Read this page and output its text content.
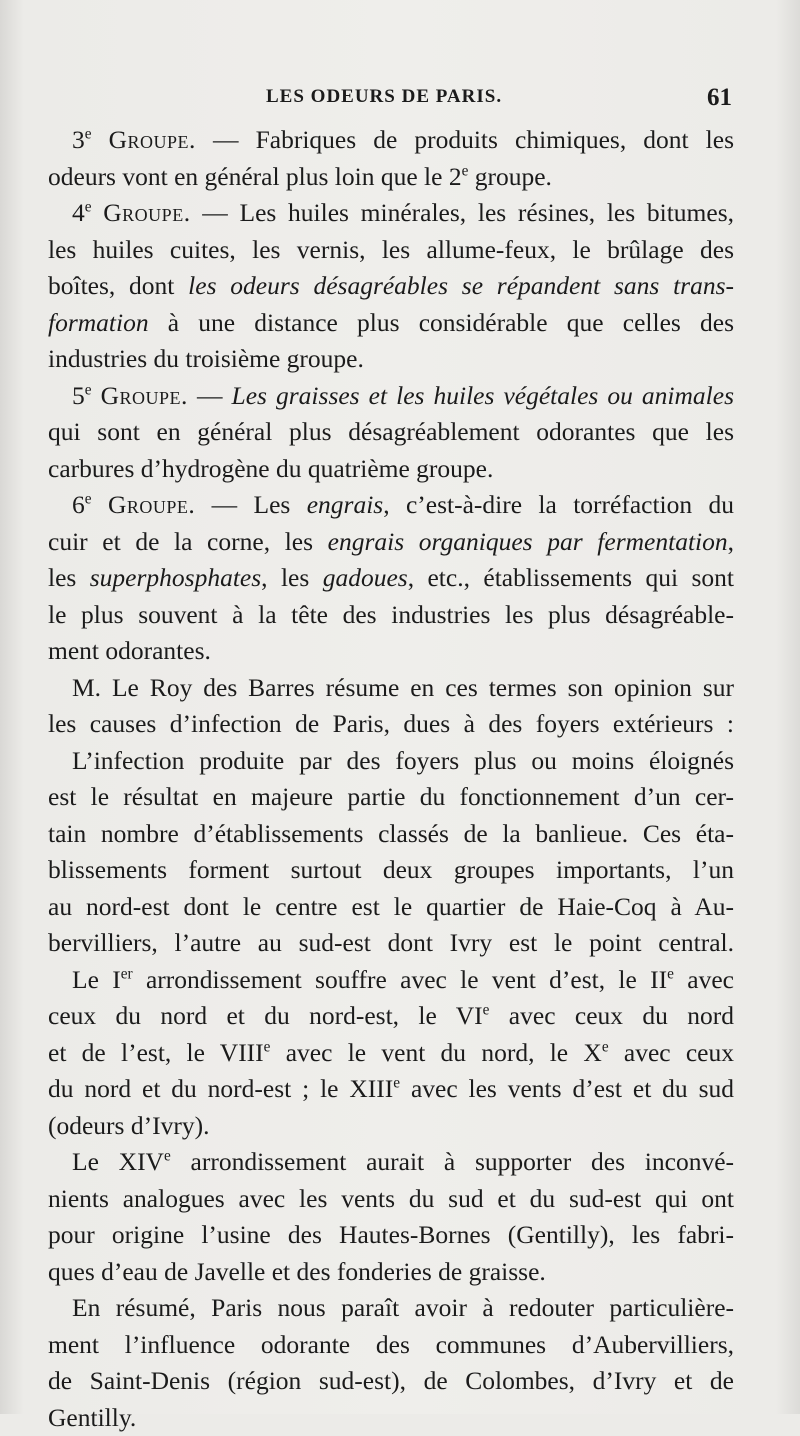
LES ODEURS DE PARIS.	61
3e Groupe. — Fabriques de produits chimiques, dont les
odeurs vont en général plus loin que le 2e groupe.
4e Groupe. — Les huiles minérales, les résines, les bitumes,
les huiles cuites, les vernis, les allume-feux, le brûlage des
boîtes, dont les odeurs désagréables se répandent sans trans-
formation à une distance plus considérable que celles des
industries du troisième groupe.
5e Groupe. — Les graisses et les huiles végétales ou animales
qui sont en général plus désagréablement odorantes que les
carbures d’hydrogène du quatrième groupe.
6e Groupe. — Les engrais, c’est-à-dire la torréfaction du
cuir et de la corne, les engrais organiques par fermentation,
les superphosphates, les gadoues, etc., établissements qui sont
le plus souvent à la tête des industries les plus désagréable-
ment odorantes.
M. Le Roy des Barres résume en ces termes son opinion sur
les causes d’infection de Paris, dues à des foyers extérieurs :
L’infection produite par des foyers plus ou moins éloignés
est le résultat en majeure partie du fonctionnement d’un cer-
tain nombre d’établissements classés de la banlieue. Ces éta-
blissements forment surtout deux groupes importants, l’un
au nord-est dont le centre est le quartier de Haie-Coq à Au-
bervilliers, l’autre au sud-est dont Ivry est le point central.
Le Ier arrondissement souffre avec le vent d’est, le IIe avec
ceux du nord et du nord-est, le VIe avec ceux du nord
et de l’est, le VIIIe avec le vent du nord, le Xe avec ceux
du nord et du nord-est ; le XIIIe avec les vents d’est et du sud
(odeurs d’Ivry).
Le XIVe arrondissement aurait à supporter des inconvé-
nients analogues avec les vents du sud et du sud-est qui ont
pour origine l’usine des Hautes-Bornes (Gentilly), les fabri-
ques d’eau de Javelle et des fonderies de graisse.
En résumé, Paris nous paraît avoir à redouter particulière-
ment l’influence odorante des communes d’Aubervilliers,
de Saint-Denis (région sud-est), de Colombes, d’Ivry et de
Gentilly.
